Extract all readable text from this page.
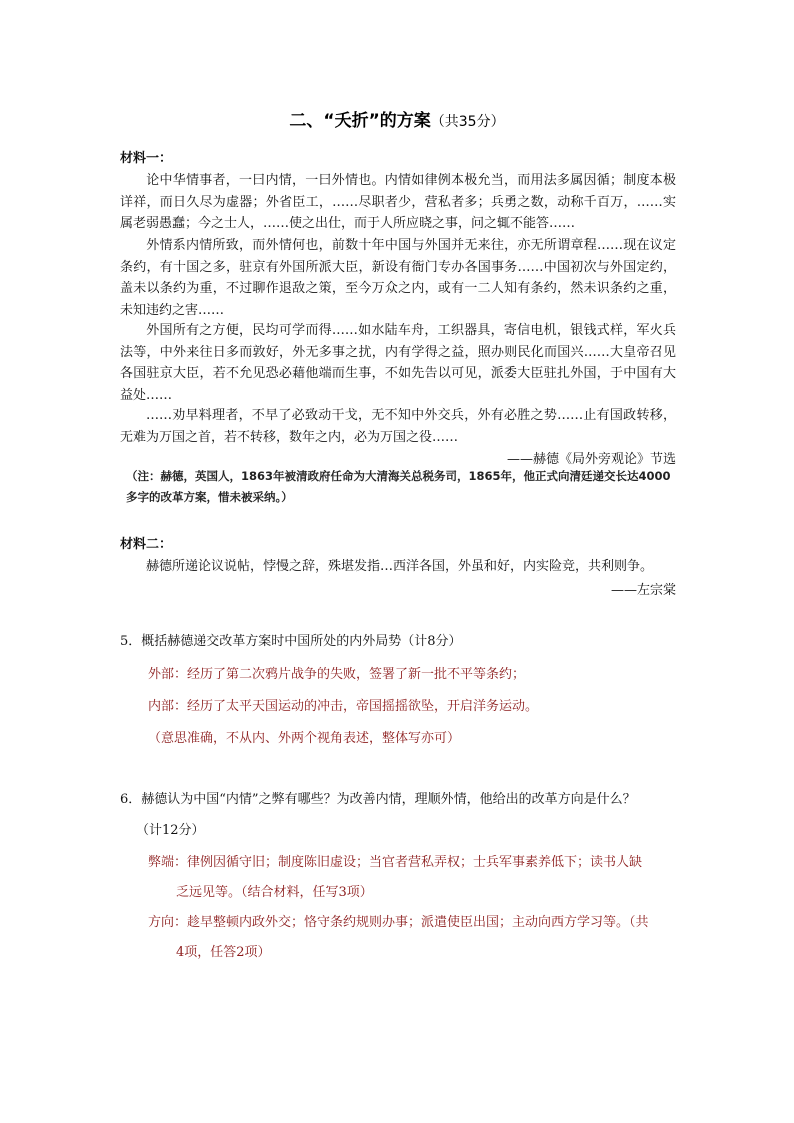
二、“夭折”的方案（共35分）
材料一：
论中华情事者，一曰内情，一曰外情也。内情如律例本极允当，而用法多属因循；制度本极详祥，而日久尽为虚器；外省臣工，……尽职者少，营私者多；兵勇之数，动称千百万，……实属老弱愚蠢；今之士人，……使之出仕，而于人所应晓之事，问之辄不能答……
外情系内情所致，而外情何也，前数十年中国与外国并无来往，亦无所谓章程……现在议定条约，有十国之多，驻京有外国所派大臣，新设有衙门专办各国事务……中国初次与外国定约，盖未以条约为重，不过聊作退敌之策，至今万众之内，或有一二人知有条约，然未识条约之重，未知违约之害……
外国所有之方便，民均可学而得……如水陆车舟，工织器具，寄信电机，银钱式样，军火兵法等，中外来往日多而敦好，外无多事之扰，内有学得之益，照办则民化而国兴……大皇帝召见各国驻京大臣，若不允见恐必藉他端而生事，不如先告以可见，派委大臣驻扎外国，于中国有大益处……
……劝早料理者，不早了必致动干戈，无不知中外交兵，外有必胜之势……止有国政转移，无难为万国之首，若不转移，数年之内，必为万国之役……
——赫德《局外旁观论》节选
（注：赫德，英国人，1863年被清政府任命为大清海关总税务司，1865年，他正式向清廷递交长达4000多字的改革方案，惜未被采纳。）
材料二：
赫德所递论议说帖，悖慢之辞，殊堪发指…西洋各国，外虽和好，内实险竞，共利则争。
——左宗棠
5．概括赫德递交改革方案时中国所处的内外局势（计8分）
外部：经历了第二次鸦片战争的失败，签署了新一批不平等条约；
内部：经历了太平天国运动的冲击，帝国摇摇欲坠，开启洋务运动。
（意思准确，不从内、外两个视角表述，整体写亦可）
6．赫德认为中国“内情”之弊有哪些？为改善内情，理顺外情，他给出的改革方向是什么？
（计12分）
弊端：律例因循守旧；制度陈旧虚设；当官者营私弄权；士兵军事素养低下；读书人缺
乏远见等。（结合材料，任写3项）
方向：趁早整顿内政外交；恪守条约规则办事；派遣使臣出国；主动向西方学习等。（共
4项，任答2项）
